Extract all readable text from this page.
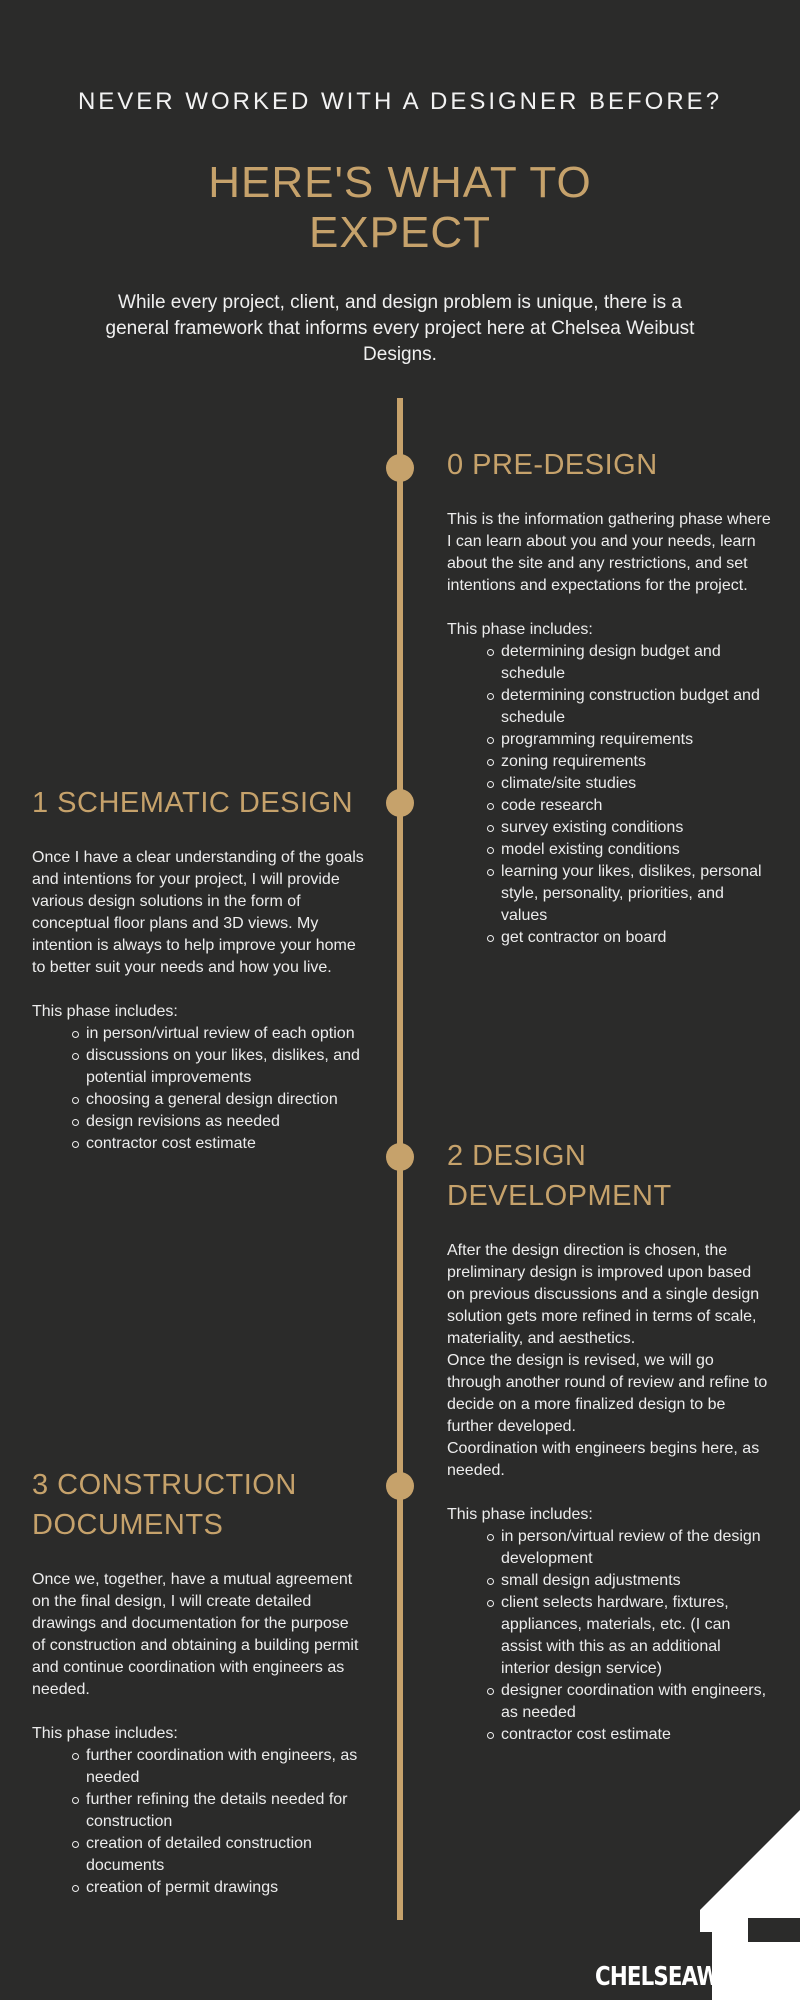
NEVER WORKED WITH A DESIGNER BEFORE?
HERE'S WHAT TO EXPECT
While every project, client, and design problem is unique, there is a general framework that informs every project here at Chelsea Weibust Designs.
0 PRE-DESIGN

This is the information gathering phase where I can learn about you and your needs, learn about the site and any restrictions, and set intentions and expectations for the project.

This phase includes:
determining design budget and schedule
determining construction budget and schedule
programming requirements
zoning requirements
climate/site studies
code research
survey existing conditions
model existing conditions
learning your likes, dislikes, personal style, personality, priorities, and values
get contractor on board
1 SCHEMATIC DESIGN

Once I have a clear understanding of the goals and intentions for your project, I will provide various design solutions in the form of conceptual floor plans and 3D views. My intention is always to help improve your home to better suit your needs and how you live.

This phase includes:
in person/virtual review of each option
discussions on your likes, dislikes, and potential improvements
choosing a general design direction
design revisions as needed
contractor cost estimate	2 DESIGN DEVELOPMENT

After the design direction is chosen, the preliminary design is improved upon based on previous discussions and a single design solution gets more refined in terms of scale, materiality, and aesthetics.

Once the design is revised, we will go through another round of review and refine to decide on a more finalized design to be further developed.

Coordination with engineers begins here, as needed.

This phase includes:
in person/virtual review of the design development
small design adjustments
client selects hardware, fixtures, appliances, materials, etc. (I can assist with this as an additional interior design service)
designer coordination with engineers, as needed
contractor cost estimate
3 CONSTRUCTION DOCUMENTS

Once we, together, have a mutual agreement on the final design, I will create detailed drawings and documentation for the purpose of construction and obtaining a building permit and continue coordination with engineers as needed.

This phase includes:
further coordination with engineers, as needed
further refining the details needed for construction
creation of detailed construction documents
creation of permit drawings
CHELSEAWEIBUST
